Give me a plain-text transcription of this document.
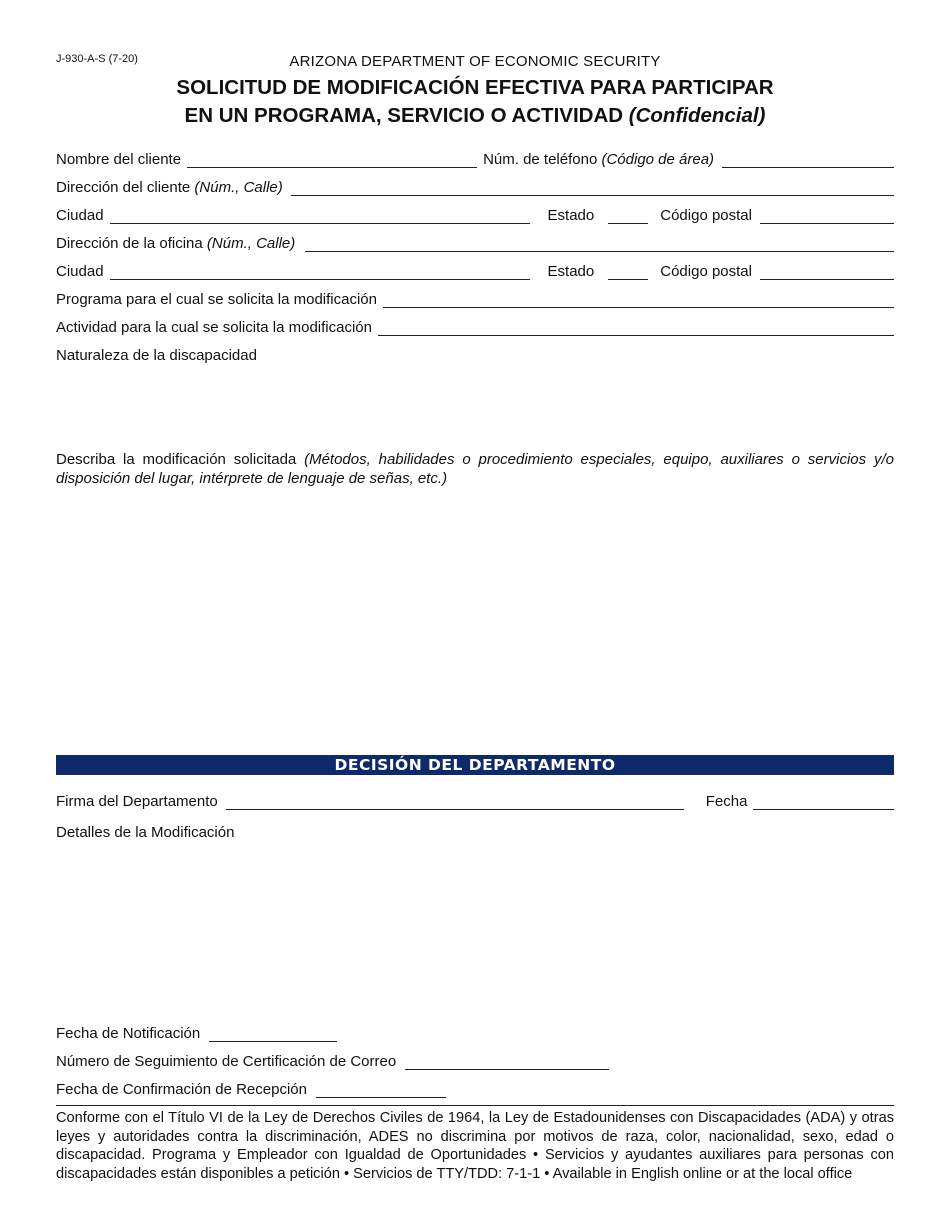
J-930-A-S (7-20)	ARIZONA DEPARTMENT OF ECONOMIC SECURITY
SOLICITUD DE MODIFICACIÓN EFECTIVA PARA PARTICIPAR
EN UN PROGRAMA, SERVICIO O ACTIVIDAD (Confidencial)
Nombre del cliente	Núm. de teléfono (Código de área)
Dirección del cliente (Núm., Calle)
Ciudad	Estado	Código postal
Dirección de la oficina (Núm., Calle)
Ciudad	Estado	Código postal
Programa para el cual se solicita la modificación
Actividad para la cual se solicita la modificación
Naturaleza de la discapacidad
Describa la modificación solicitada (Métodos, habilidades o procedimiento especiales, equipo, auxiliares o servicios y/o disposición del lugar, intérprete de lenguaje de señas, etc.)
DECISIÓN DEL DEPARTAMENTO
Firma del Departamento	Fecha
Detalles de la Modificación
Fecha de Notificación
Número de Seguimiento de Certificación de Correo
Fecha de Confirmación de Recepción
Conforme con el Título VI de la Ley de Derechos Civiles de 1964, la Ley de Estadounidenses con Discapacidades (ADA) y otras leyes y autoridades contra la discriminación, ADES no discrimina por motivos de raza, color, nacionalidad, sexo, edad o discapacidad. Programa y Empleador con Igualdad de Oportunidades • Servicios y ayudantes auxiliares para personas con discapacidades están disponibles a petición • Servicios de TTY/TDD: 7-1-1 • Available in English online or at the local office
